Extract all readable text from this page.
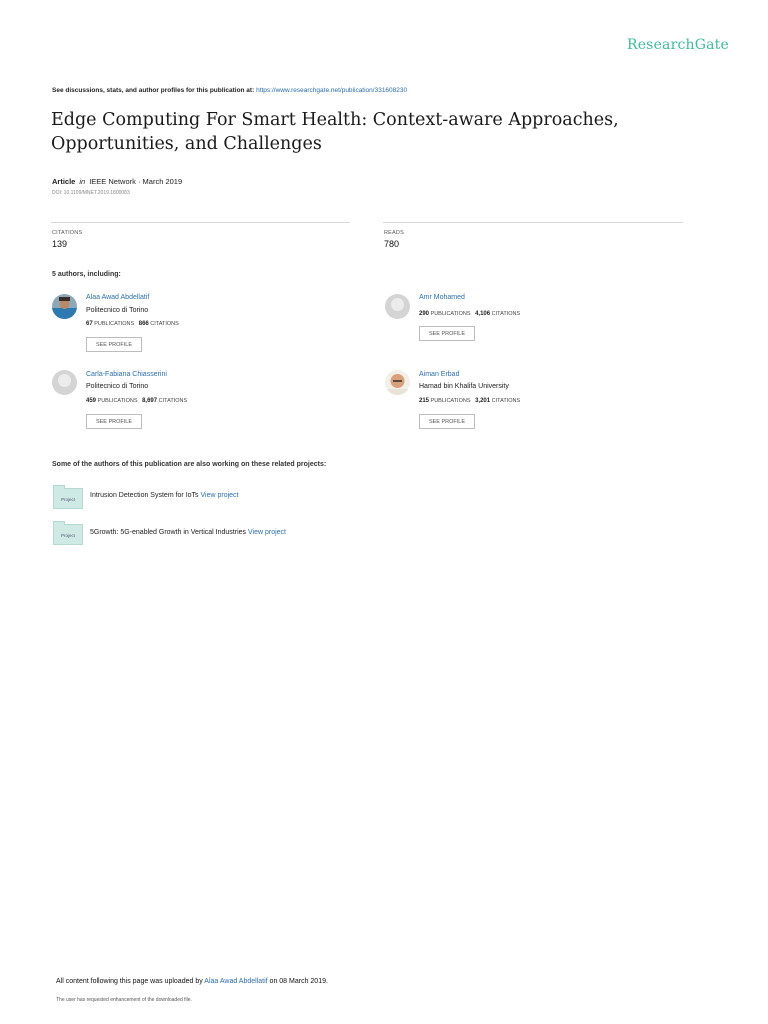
ResearchGate
See discussions, stats, and author profiles for this publication at: https://www.researchgate.net/publication/331608230
Edge Computing For Smart Health: Context-aware Approaches, Opportunities, and Challenges
Article in IEEE Network · March 2019
DOI: 10.1109/MNET.2019.1800083
CITATIONS
139
READS
780
5 authors, including:
Alaa Awad Abdellatif
Politecnico di Torino
67 PUBLICATIONS 866 CITATIONS
SEE PROFILE
Amr Mohamed
290 PUBLICATIONS 4,106 CITATIONS
SEE PROFILE
Carla-Fabiana Chiasserini
Politecnico di Torino
459 PUBLICATIONS 8,697 CITATIONS
SEE PROFILE
Aiman Erbad
Hamad bin Khalifa University
215 PUBLICATIONS 3,201 CITATIONS
SEE PROFILE
Some of the authors of this publication are also working on these related projects:
Project
Intrusion Detection System for IoTs View project
Project	5Growth: 5G-enabled Growth in Vertical Industries View project
All content following this page was uploaded by Alaa Awad Abdellatif on 08 March 2019.
The user has requested enhancement of the downloaded file.
